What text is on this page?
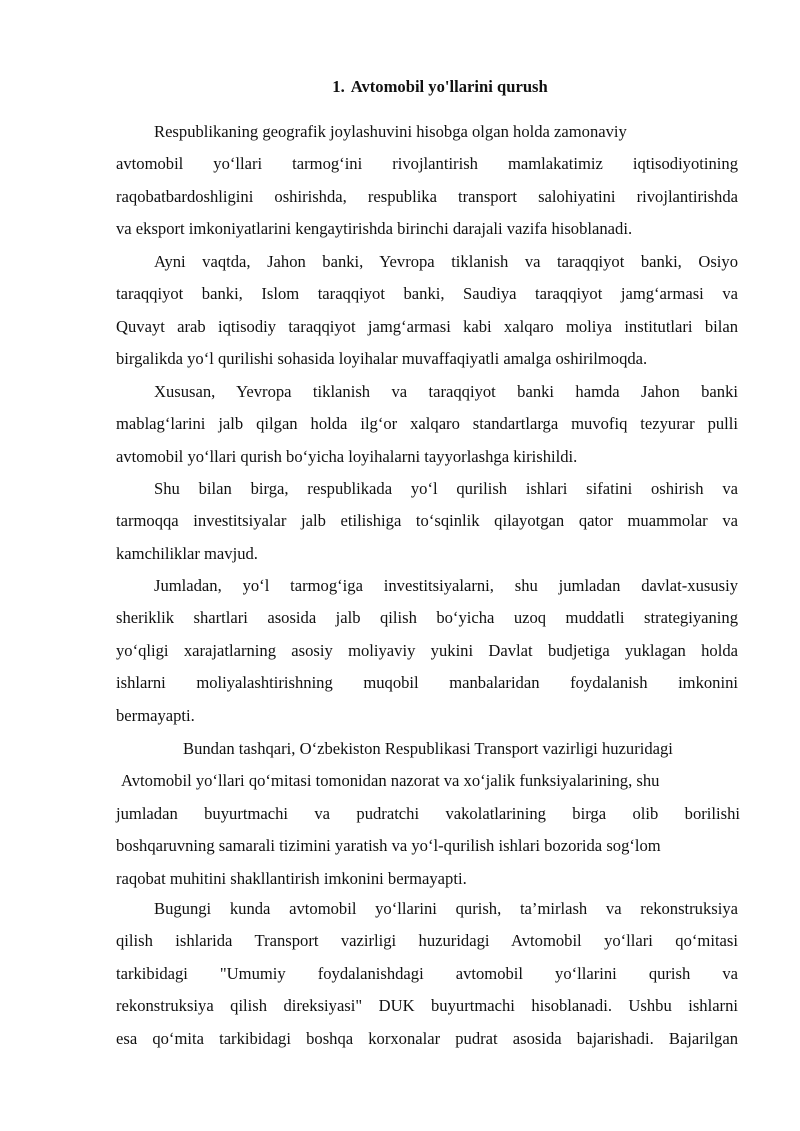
1. Avtomobil yo'llarini qurush

Respublikaning geografik joylashuvini hisobga olgan holda zamonaviy
avtomobil yo‘llari tarmog‘ini rivojlantirish mamlakatimiz iqtisodiyotining
raqobatbardoshligini oshirishda, respublika transport salohiyatini rivojlantirishda
va eksport imkoniyatlarini kengaytirishda birinchi darajali vazifa hisoblanadi.

Ayni vaqtda, Jahon banki, Yevropa tiklanish va taraqqiyot banki, Osiyo
taraqqiyot banki, Islom taraqqiyot banki, Saudiya taraqqiyot jamg‘armasi va
Quvayt arab iqtisodiy taraqqiyot jamg‘armasi kabi xalqaro moliya institutlari bilan
birgalikda yo‘l qurilishi sohasida loyihalar muvaffaqiyatli amalga oshirilmoqda.

Xususan, Yevropa tiklanish va taraqqiyot banki hamda Jahon banki
mablag‘larini jalb qilgan holda ilg‘or xalqaro standartlarga muvofiq tezyurar pulli
avtomobil yo‘llari qurish bo‘yicha loyihalarni tayyorlashga kirishildi.

Shu bilan birga, respublikada yo‘l qurilish ishlari sifatini oshirish va
tarmoqqa investitsiyalar jalb etilishiga to‘sqinlik qilayotgan qator muammolar va
kamchiliklar mavjud.

Jumladan, yo‘l tarmog‘iga investitsiyalarni, shu jumladan davlat-xususiy
sheriklik shartlari asosida jalb qilish bo‘yicha uzoq muddatli strategiyaning
yo‘qligi xarajatlarning asosiy moliyaviy yukini Davlat budjetiga yuklagan holda
ishlarni moliyalashtirishning muqobil manbalaridan foydalanish imkonini
bermayapti.

Bundan tashqari, O‘zbekiston Respublikasi Transport vazirligi huzuridagi
Avtomobil yo‘llari qo‘mitasi tomonidan nazorat va xo‘jalik funksiyalarining, shu
jumladan buyurtmachi va pudratchi vakolatlarining birga olib borilishi
boshqaruvning samarali tizimini yaratish va yo‘l-qurilish ishlari bozorida sog‘lom
raqobat muhitini shakllantirish imkonini bermayapti.

Bugungi kunda avtomobil yo‘llarini qurish, ta’mirlash va rekonstruksiya
qilish ishlarida Transport vazirligi huzuridagi Avtomobil yo‘llari qo‘mitasi
tarkibidagi "Umumiy foydalanishdagi avtomobil yo‘llarini qurish va
rekonstruksiya qilish direksiyasi" DUK buyurtmachi hisoblanadi. Ushbu ishlarni
esa qo‘mita tarkibidagi boshqa korxonalar pudrat asosida bajarishadi. Bajarilgan
